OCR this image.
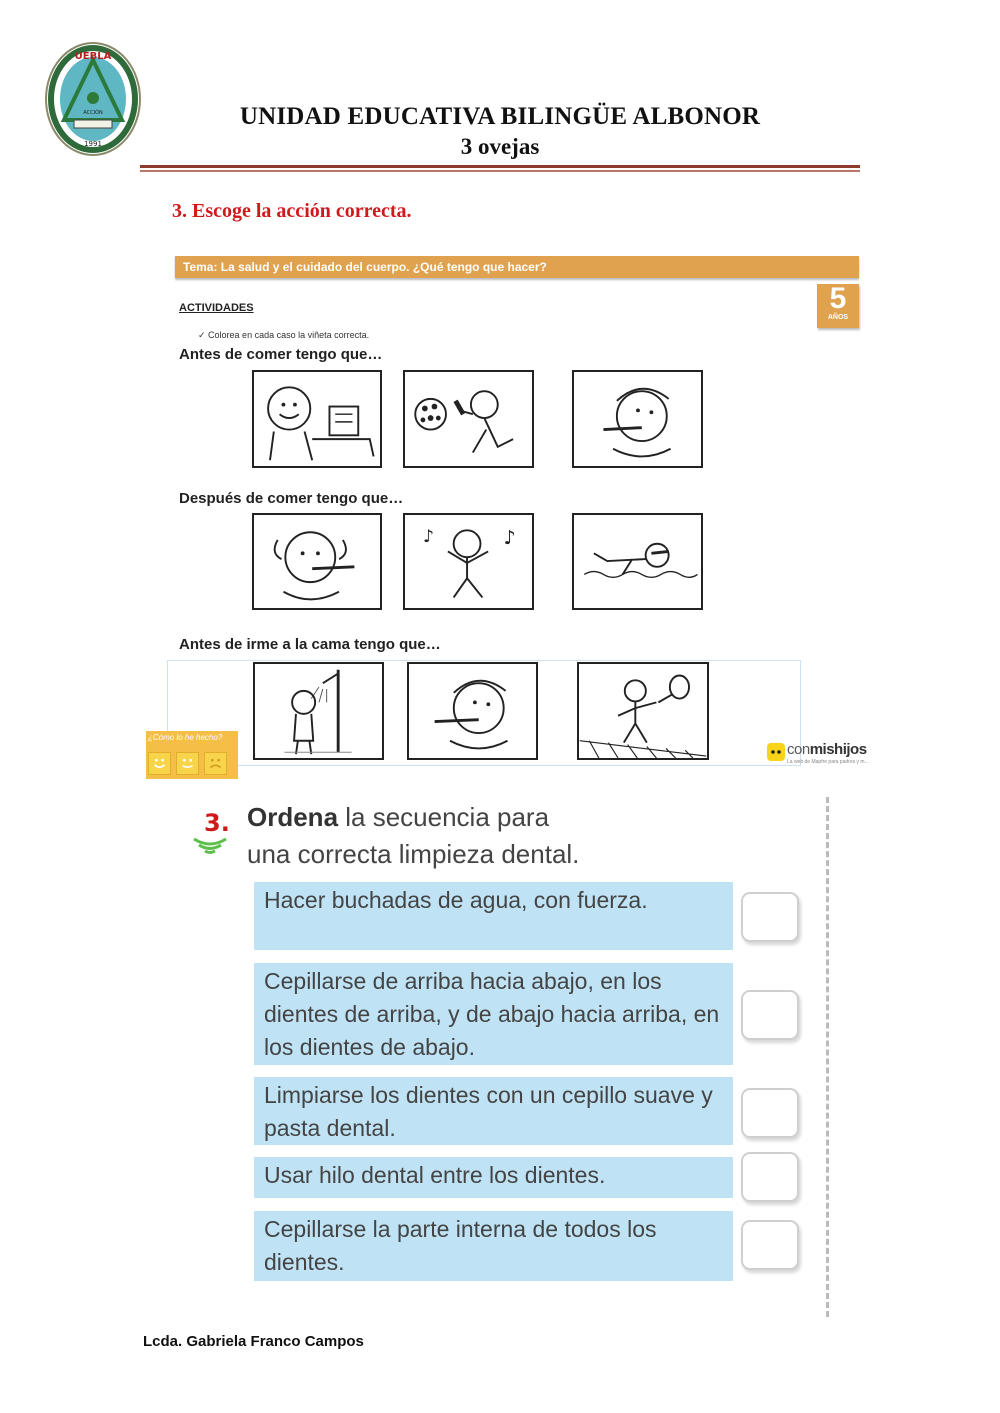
UEBLA
ACCIÓN
1991
UNIDAD EDUCATIVA BILINGÜE ALBONOR
3 ovejas
3. Escoge la acción correcta.
Tema: La salud y el cuidado del cuerpo. ¿Qué tengo que hacer?
5
AÑOS
ACTIVIDADES
✓ Colorea en cada caso la viñeta correcta.
Antes de comer tengo que…
Después de comer tengo que…
Antes de irme a la cama tengo que…
♪	♪
¿Cómo lo he hecho?
conmishijos
La web de Mapfre para padres y m...
3. Ordena la secuencia para
una correcta limpieza dental.
Hacer buchadas de agua, con fuerza.
Cepillarse de arriba hacia abajo, en los dientes de arriba, y de abajo hacia arriba, en los dientes de abajo.
Limpiarse los dientes con un cepillo suave y pasta dental.
Usar hilo dental entre los dientes.
Cepillarse la parte interna de todos los dientes.
Lcda. Gabriela Franco Campos
